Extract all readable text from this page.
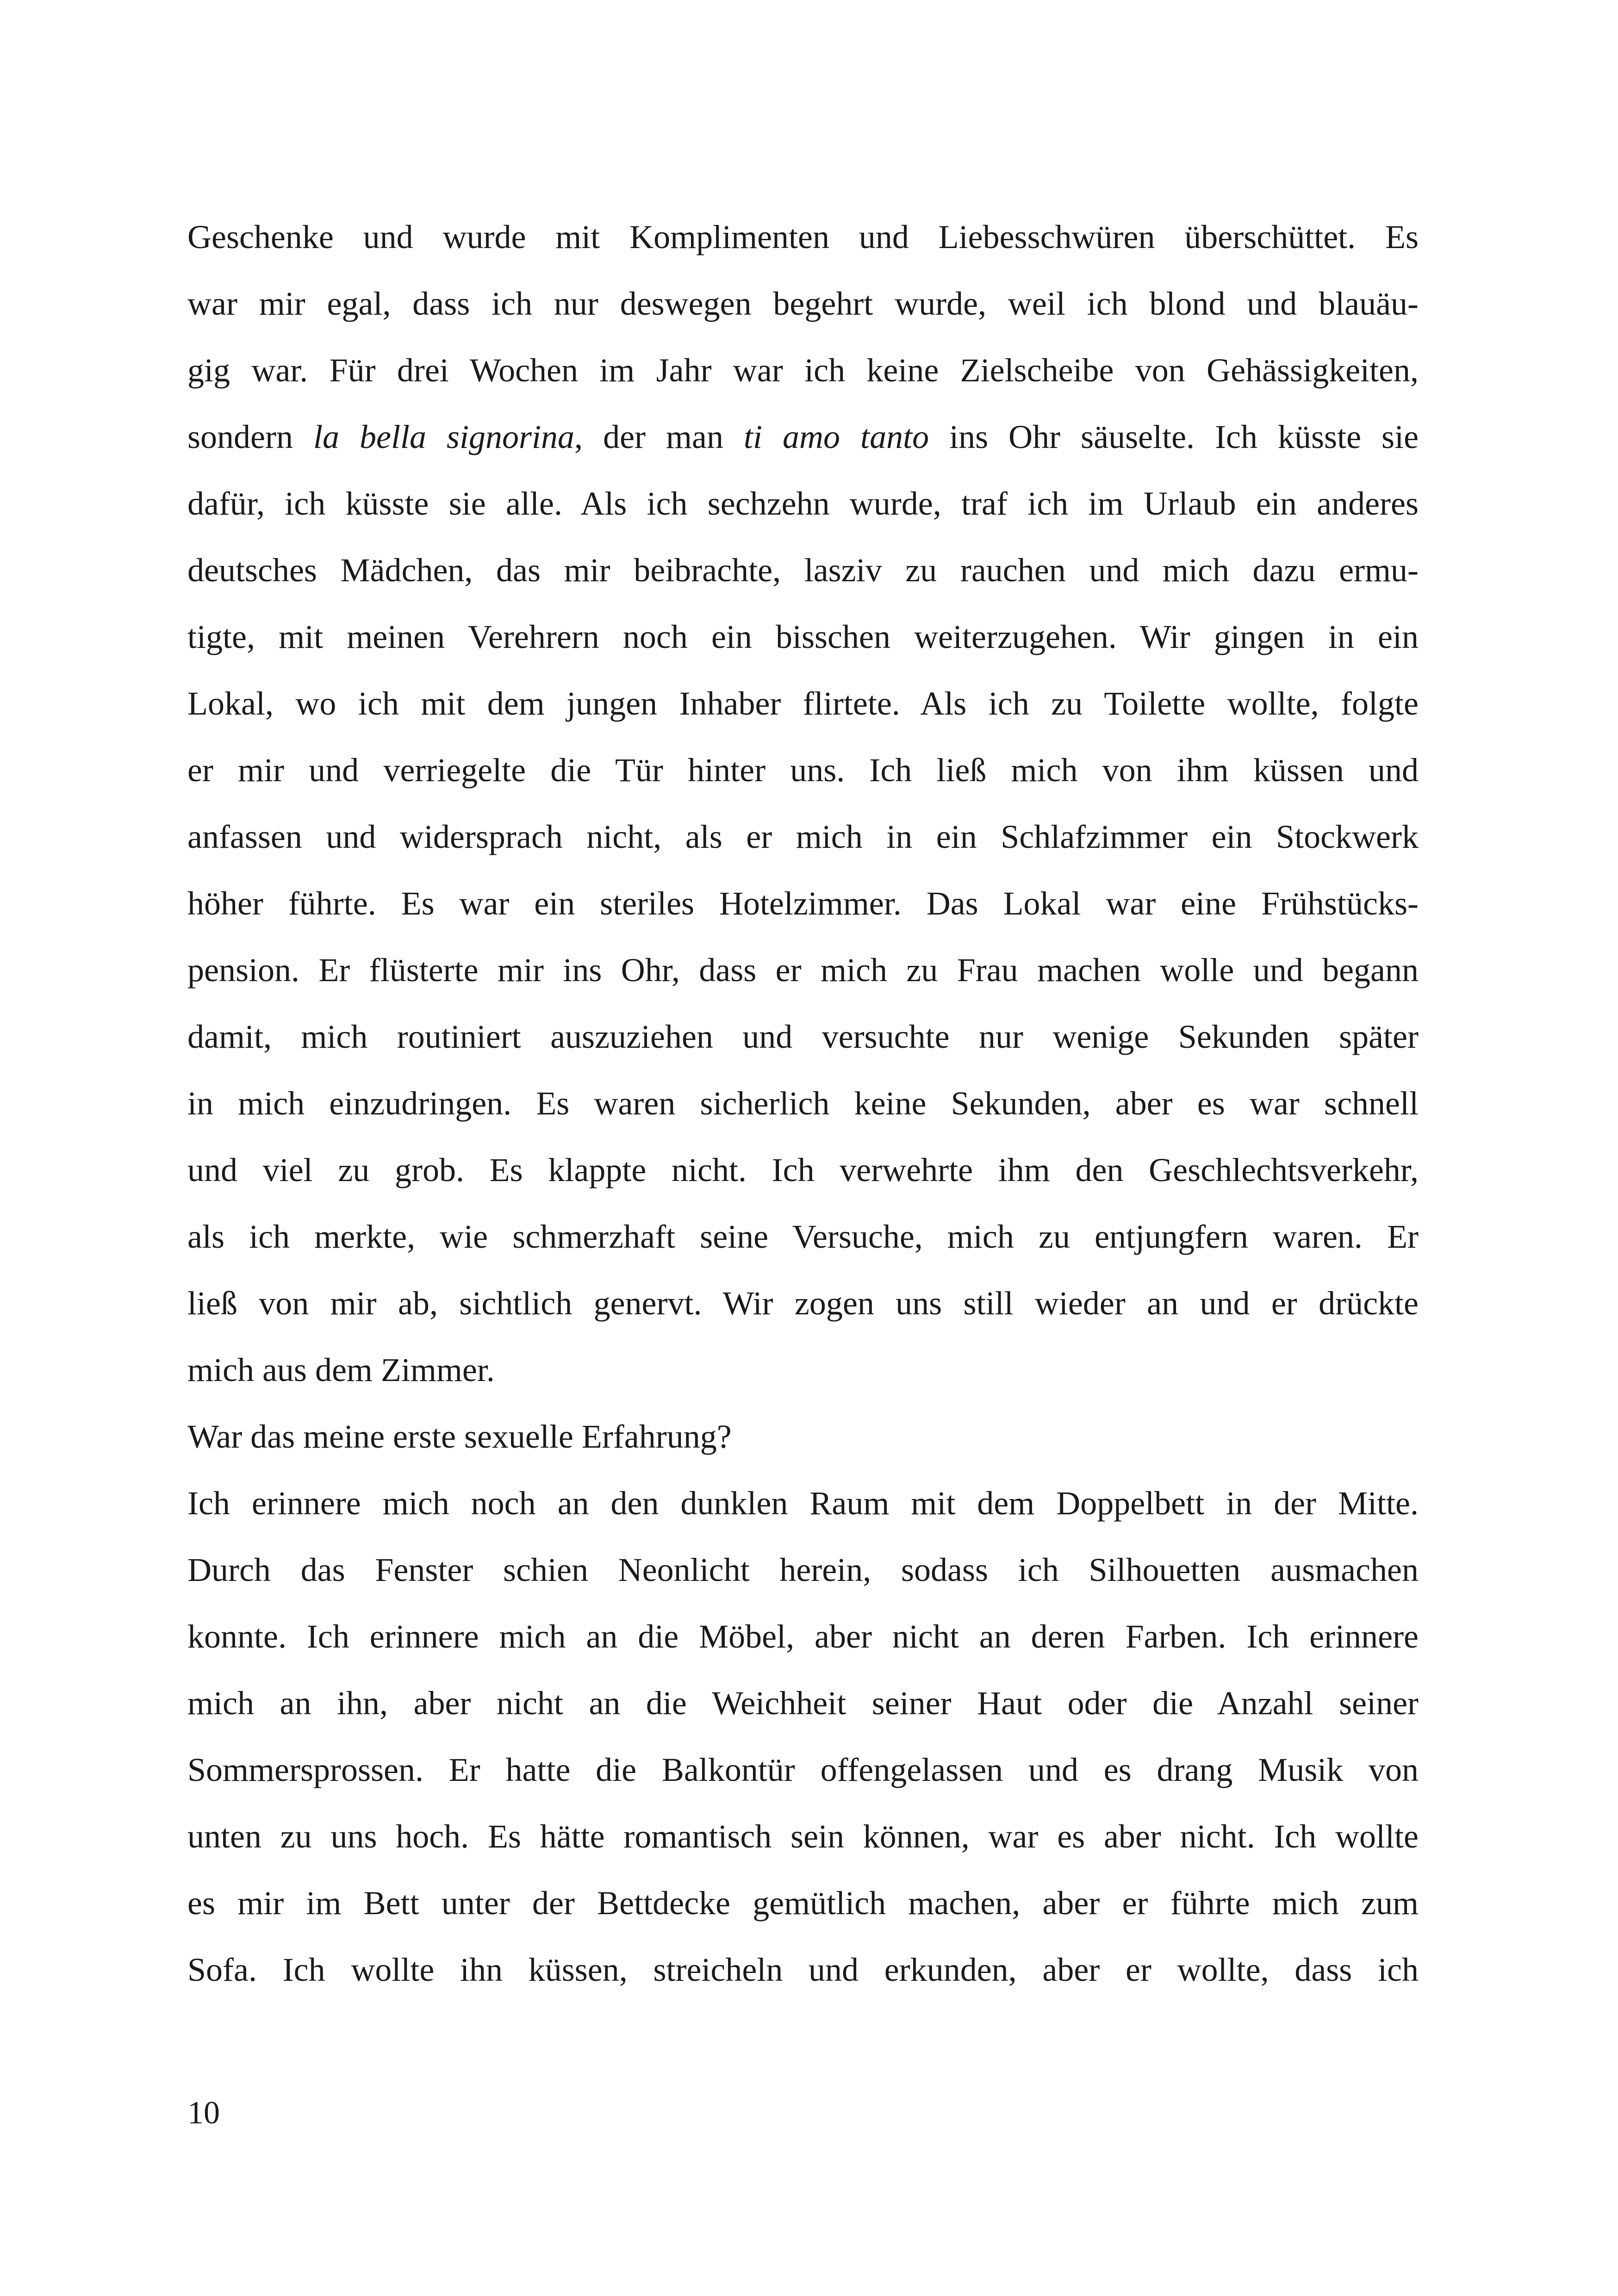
Geschenke und wurde mit Komplimenten und Liebesschwüren überschüttet. Es
war mir egal, dass ich nur deswegen begehrt wurde, weil ich blond und blauäu-
gig war. Für drei Wochen im Jahr war ich keine Zielscheibe von Gehässigkeiten,
sondern la bella signorina, der man ti amo tanto ins Ohr säuselte. Ich küsste sie
dafür, ich küsste sie alle. Als ich sechzehn wurde, traf ich im Urlaub ein anderes
deutsches Mädchen, das mir beibrachte, lasziv zu rauchen und mich dazu ermu-
tigte, mit meinen Verehrern noch ein bisschen weiterzugehen. Wir gingen in ein
Lokal, wo ich mit dem jungen Inhaber flirtete. Als ich zu Toilette wollte, folgte
er mir und verriegelte die Tür hinter uns. Ich ließ mich von ihm küssen und
anfassen und widersprach nicht, als er mich in ein Schlafzimmer ein Stockwerk
höher führte. Es war ein steriles Hotelzimmer. Das Lokal war eine Frühstücks-
pension. Er flüsterte mir ins Ohr, dass er mich zu Frau machen wolle und begann
damit, mich routiniert auszuziehen und versuchte nur wenige Sekunden später
in mich einzudringen. Es waren sicherlich keine Sekunden, aber es war schnell
und viel zu grob. Es klappte nicht. Ich verwehrte ihm den Geschlechtsverkehr,
als ich merkte, wie schmerzhaft seine Versuche, mich zu entjungfern waren. Er
ließ von mir ab, sichtlich genervt. Wir zogen uns still wieder an und er drückte
mich aus dem Zimmer.
War das meine erste sexuelle Erfahrung?
Ich erinnere mich noch an den dunklen Raum mit dem Doppelbett in der Mitte.
Durch das Fenster schien Neonlicht herein, sodass ich Silhouetten ausmachen
konnte. Ich erinnere mich an die Möbel, aber nicht an deren Farben. Ich erinnere
mich an ihn, aber nicht an die Weichheit seiner Haut oder die Anzahl seiner
Sommersprossen. Er hatte die Balkontür offengelassen und es drang Musik von
unten zu uns hoch. Es hätte romantisch sein können, war es aber nicht. Ich wollte
es mir im Bett unter der Bettdecke gemütlich machen, aber er führte mich zum
Sofa. Ich wollte ihn küssen, streicheln und erkunden, aber er wollte, dass ich
10
